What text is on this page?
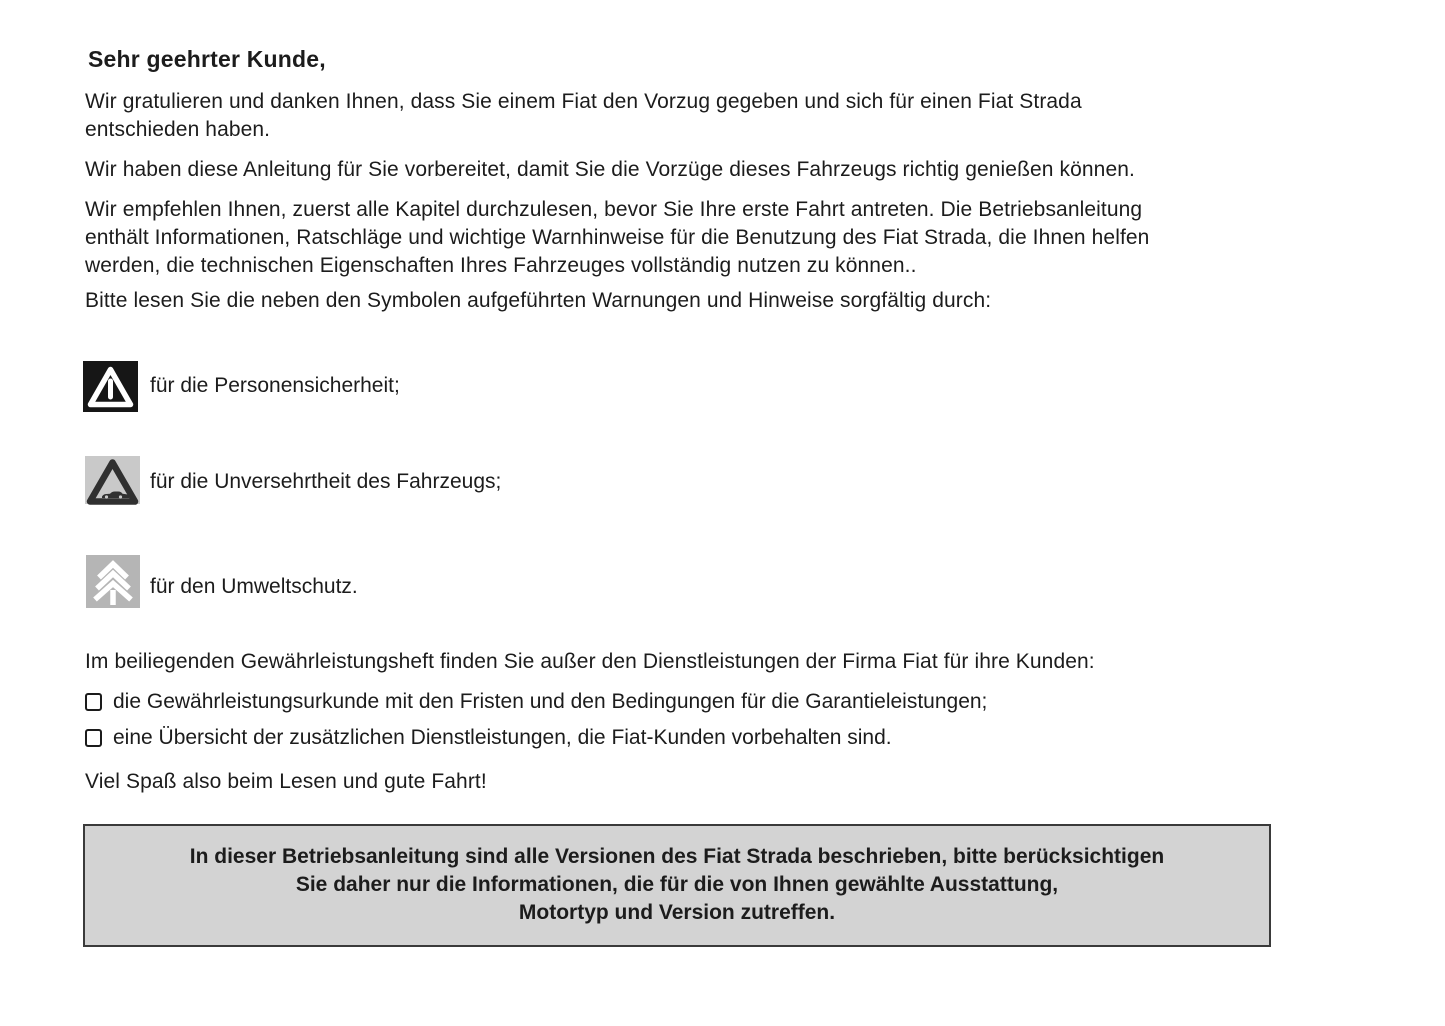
Sehr geehrter Kunde,
Wir gratulieren und danken Ihnen, dass Sie einem Fiat den Vorzug gegeben und sich für einen Fiat Strada
entschieden haben.
Wir haben diese Anleitung für Sie vorbereitet, damit Sie die Vorzüge dieses Fahrzeugs richtig genießen können.
Wir empfehlen Ihnen, zuerst alle Kapitel durchzulesen, bevor Sie Ihre erste Fahrt antreten. Die Betriebsanleitung
enthält Informationen, Ratschläge und wichtige Warnhinweise für die Benutzung des Fiat Strada, die Ihnen helfen
werden, die technischen Eigenschaften Ihres Fahrzeuges vollständig nutzen zu können..
Bitte lesen Sie die neben den Symbolen aufgeführten Warnungen und Hinweise sorgfältig durch:
für die Personensicherheit;
für die Unversehrtheit des Fahrzeugs;
für den Umweltschutz.
Im beiliegenden Gewährleistungsheft finden Sie außer den Dienstleistungen der Firma Fiat für ihre Kunden:
die Gewährleistungsurkunde mit den Fristen und den Bedingungen für die Garantieleistungen;
eine Übersicht der zusätzlichen Dienstleistungen, die Fiat-Kunden vorbehalten sind.
Viel Spaß also beim Lesen und gute Fahrt!
In dieser Betriebsanleitung sind alle Versionen des Fiat Strada beschrieben, bitte berücksichtigen
Sie daher nur die Informationen, die für die von Ihnen gewählte Ausstattung,
Motortyp und Version zutreffen.
